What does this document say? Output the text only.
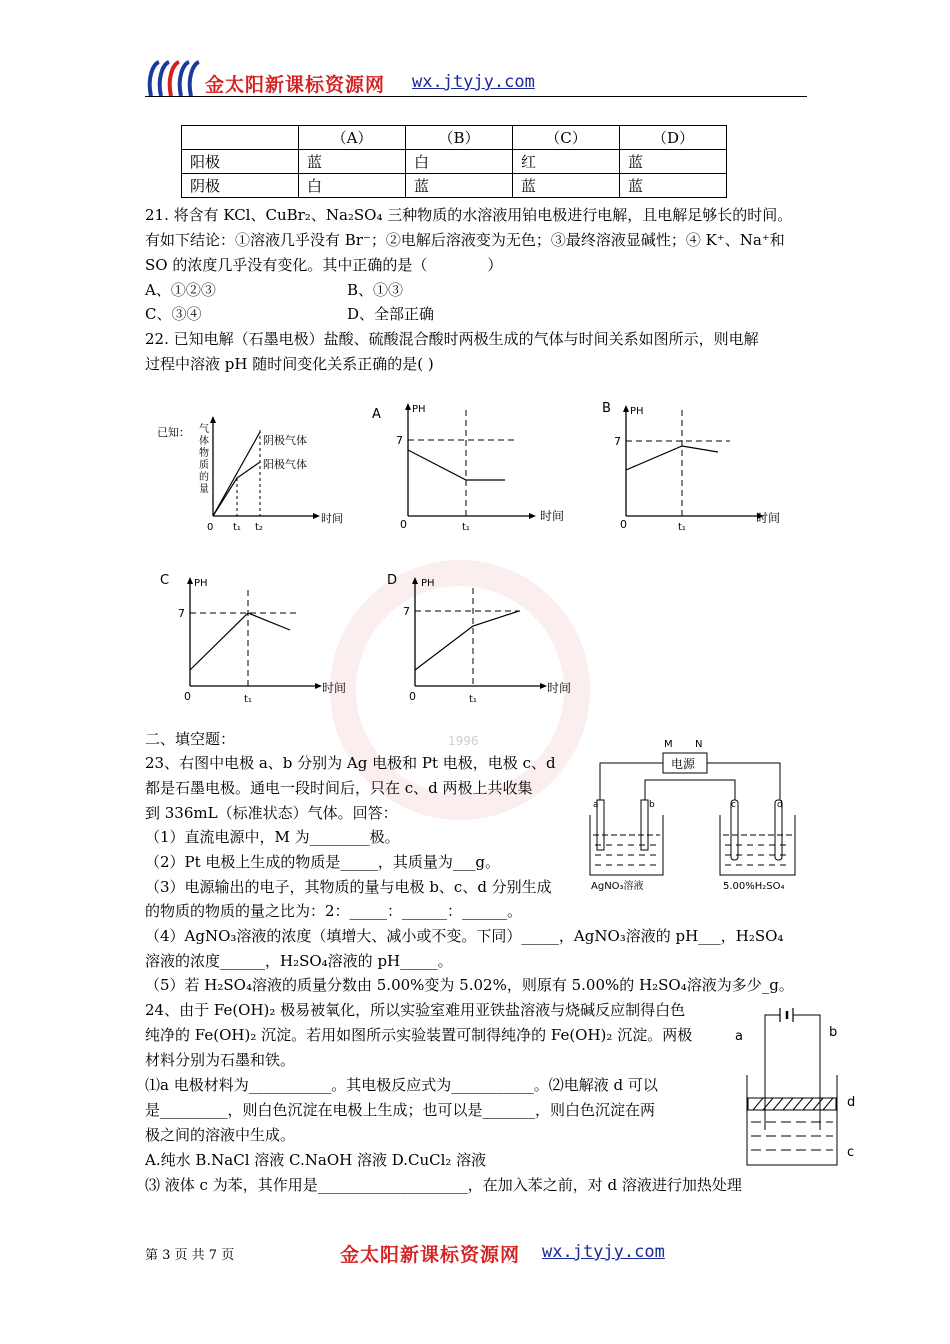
1996
金太阳新课标资源网 wx.jtyjy.com
	（A）	（B）	（C）	（D）
阳极	蓝	白	红	蓝
阴极	白	蓝	蓝	蓝
21. 将含有 KCl、CuBr₂、Na₂SO₄ 三种物质的水溶液用铂电极进行电解，且电解足够长的时间。
有如下结论：①溶液几乎没有 Br⁻；②电解后溶液变为无色；③最终溶液显碱性；④ K⁺、Na⁺和
SO 的浓度几乎没有变化。其中正确的是（　　　　）
A、①②③	B、①③
C、③④	D、全部正确
22. 已知电解（石墨电极）盐酸、硫酸混合酸时两极生成的气体与时间关系如图所示，则电解
过程中溶液 pH 随时间变化关系正确的是( )
已知： 气
体
物
质
的
量
阴极气体
阳极气体
0 t₁ t₂
时间
A	PH
7
0	t₁
时间
B PH
7
0	t₁
时间
C PH
7
0	t₁
时间
D PH
7
0	t₁
时间
二、填空题：
23、右图中电极 a、b 分别为 Ag 电极和 Pt 电极，电极 c、d
都是石墨电极。通电一段时间后，只在 c、d 两极上共收集
到 336mL（标准状态）气体。回答：
（1）直流电源中，M 为________极。
（2）Pt 电极上生成的物质是_____，其质量为___g。
（3）电源输出的电子，其物质的量与电极 b、c、d 分别生成
的物质的物质的量之比为：2：_____：______：______。
（4）AgNO₃溶液的浓度（填增大、减小或不变。下同）_____，AgNO₃溶液的 pH___，H₂SO₄
溶液的浓度______，H₂SO₄溶液的 pH_____。
（5）若 H₂SO₄溶液的质量分数由 5.00%变为 5.02%，则原有 5.00%的 H₂SO₄溶液为多少_g。
M N
电源
a	b	c	d
AgNO₃溶液	5.00%H₂SO₄
24、由于 Fe(OH)₂ 极易被氧化，所以实验室难用亚铁盐溶液与烧碱反应制得白色
纯净的 Fe(OH)₂ 沉淀。若用如图所示实验装置可制得纯净的 Fe(OH)₂ 沉淀。两极
材料分别为石墨和铁。
⑴a 电极材料为___________。其电极反应式为___________。⑵电解液 d 可以
是_________，则白色沉淀在电极上生成；也可以是_______，则白色沉淀在两
极之间的溶液中生成。
A.纯水 B.NaCl 溶液 C.NaOH 溶液 D.CuCl₂ 溶液
⑶ 液体 c 为苯，其作用是____________________，在加入苯之前，对 d 溶液进行加热处理
a	b
d
c
第 3 页 共 7 页	金太阳新课标资源网 wx.jtyjy.com
